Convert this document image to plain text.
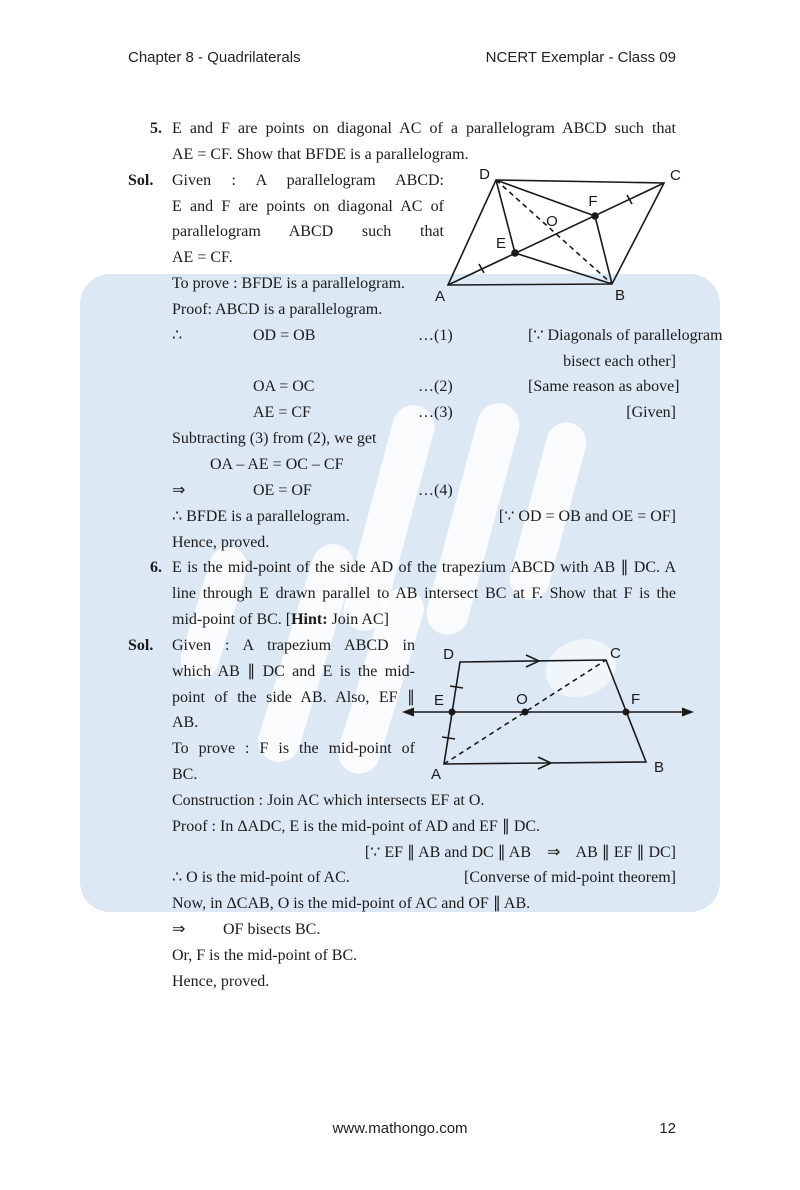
Chapter 8 - Quadrilaterals	NCERT Exemplar - Class 09
D	C
A	B
E
F
O
D	C
E	O	F
A	B
5. E and F are points on diagonal AC of a parallelogram ABCD such that
AE = CF. Show that BFDE is a parallelogram.
Sol.	Given : A parallelogram ABCD:
E and F are points on diagonal AC of
parallelogram ABCD such that
AE = CF.
To prove : BFDE is a parallelogram.
Proof: ABCD is a parallelogram.
∴	OD = OB	…(1)	[∵ Diagonals of parallelogram
bisect each other]
OA = OC	…(2)	[Same reason as above]
AE = CF	…(3)	[Given]
Subtracting (3) from (2), we get
OA – AE = OC – CF
⇒	OE = OF	…(4)
∴ BFDE is a parallelogram.	[∵ OD = OB and OE = OF]
Hence, proved.
6. E is the mid-point of the side AD of the trapezium ABCD with AB ∥ DC. A
line through E drawn parallel to AB intersect BC at F. Show that F is the
mid-point of BC. [Hint: Join AC]
Sol.	Given : A trapezium ABCD in
which AB ∥ DC and E is the mid-
point of the side AB. Also, EF ∥
AB.
To prove : F is the mid-point of
BC.
Construction : Join AC which intersects EF at O.
Proof : In ΔADC, E is the mid-point of AD and EF ∥ DC.
[∵ EF ∥ AB and DC ∥ AB    ⇒    AB ∥ EF ∥ DC]
∴ O is the mid-point of AC.	[Converse of mid-point theorem]
Now, in ΔCAB, O is the mid-point of AC and OF ∥ AB.
⇒ OF bisects BC.
Or, F is the mid-point of BC.
Hence, proved.
www.mathongo.com	12
